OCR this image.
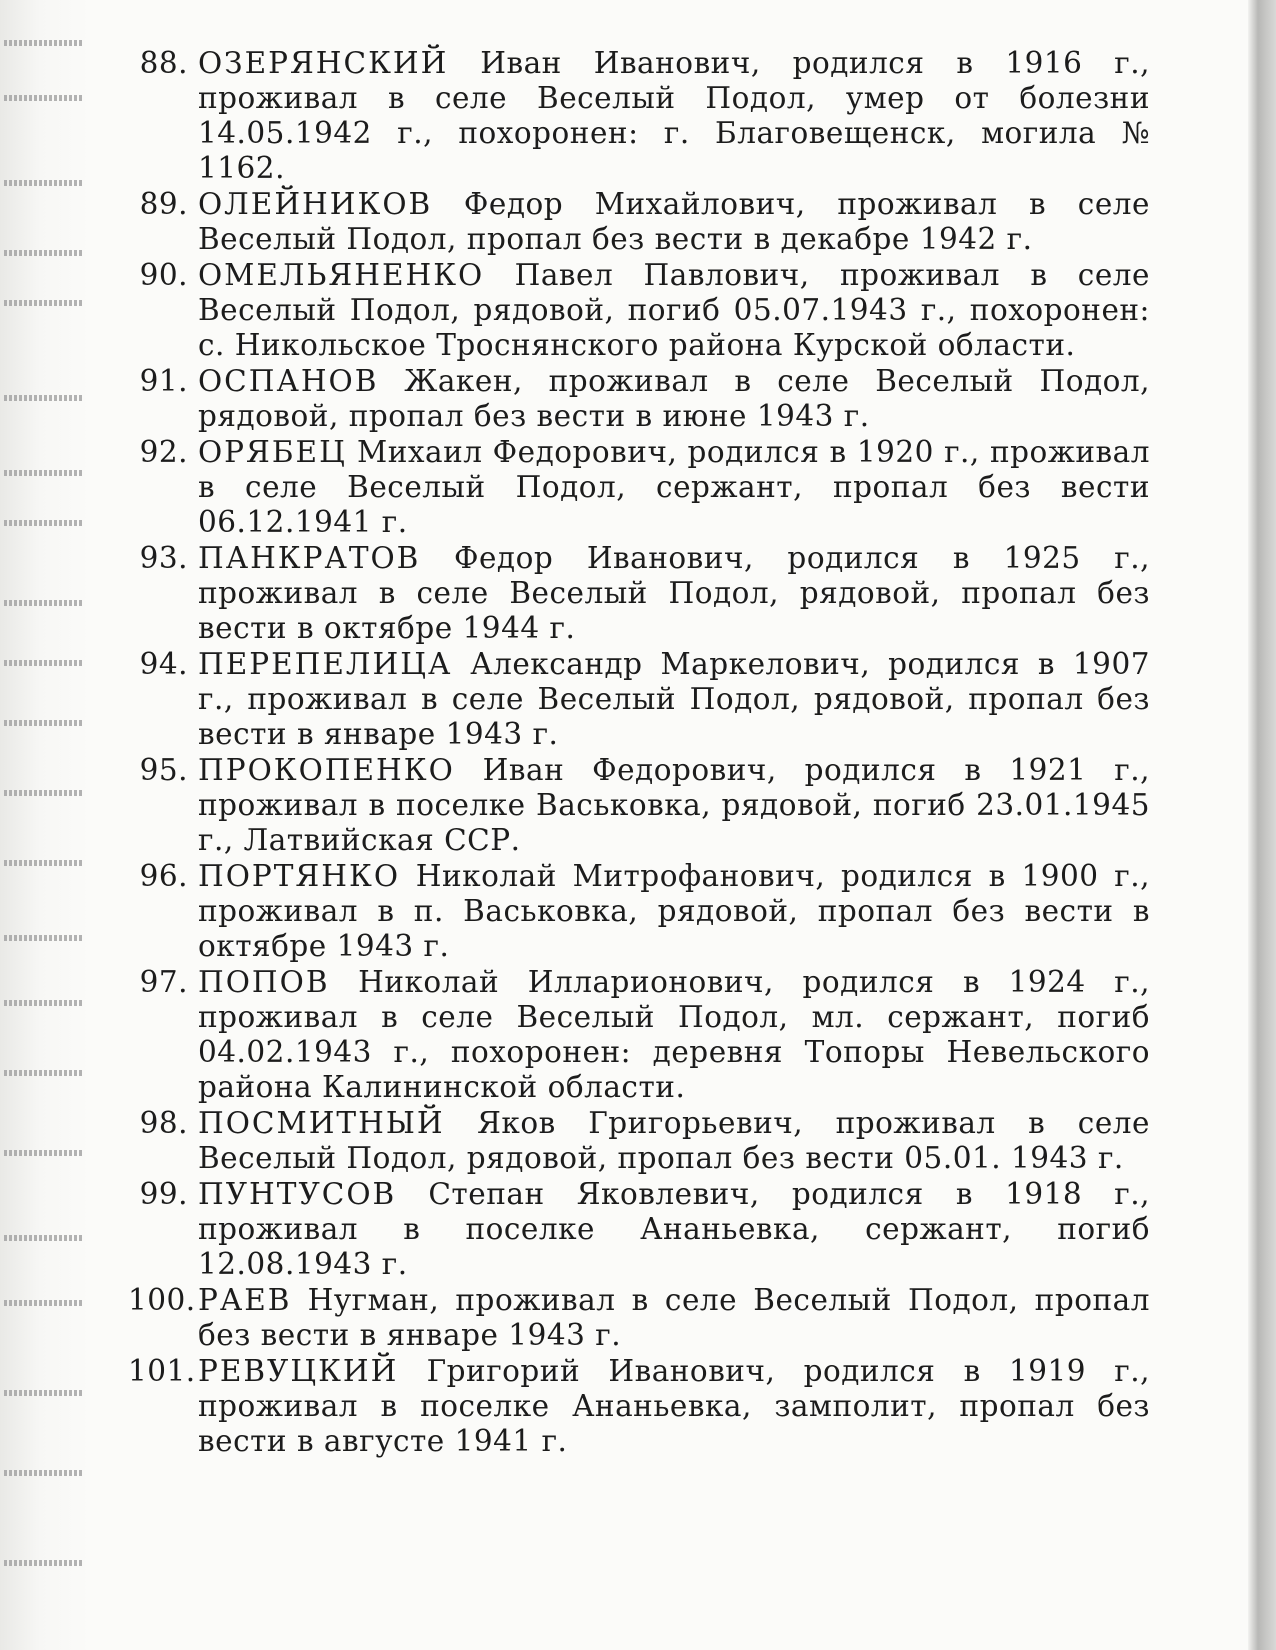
88. ОЗЕРЯНСКИЙ Иван Иванович, родился в 1916 г., проживал в селе Веселый Подол, умер от болезни 14.05.1942 г., похоронен: г. Благовещенск, могила № 1162.
89. ОЛЕЙНИКОВ Федор Михайлович, проживал в селе Веселый Подол, пропал без вести в декабре 1942 г.
90. ОМЕЛЬЯНЕНКО Павел Павлович, проживал в селе Веселый Подол, рядовой, погиб 05.07.1943 г., похоронен: с. Никольское Троснянского района Курской области.
91. ОСПАНОВ Жакен, проживал в селе Веселый Подол, рядовой, пропал без вести в июне 1943 г.
92. ОРЯБЕЦ Михаил Федорович, родился в 1920 г., проживал в селе Веселый Подол, сержант, пропал без вести 06.12.1941 г.
93. ПАНКРАТОВ Федор Иванович, родился в 1925 г., проживал в селе Веселый Подол, рядовой, пропал без вести в октябре 1944 г.
94. ПЕРЕПЕЛИЦА Александр Маркелович, родился в 1907 г., проживал в селе Веселый Подол, рядовой, пропал без вести в январе 1943 г.
95. ПРОКОПЕНКО Иван Федорович, родился в 1921 г., проживал в поселке Васьковка, рядовой, погиб 23.01.1945 г., Латвийская ССР.
96. ПОРТЯНКО Николай Митрофанович, родился в 1900 г., проживал в п. Васьковка, рядовой, пропал без вести в октябре 1943 г.
97. ПОПОВ Николай Илларионович, родился в 1924 г., проживал в селе Веселый Подол, мл. сержант, погиб 04.02.1943 г., похоронен: деревня Топоры Невельского района Калининской области.
98. ПОСМИТНЫЙ Яков Григорьевич, проживал в селе Веселый Подол, рядовой, пропал без вести 05.01. 1943 г.
99. ПУНТУСОВ Степан Яковлевич, родился в 1918 г., проживал в поселке Ананьевка, сержант, погиб 12.08.1943 г.
100. РАЕВ Нугман, проживал в селе Веселый Подол, пропал без вести в январе 1943 г.
101. РЕВУЦКИЙ Григорий Иванович, родился в 1919 г., проживал в поселке Ананьевка, замполит, пропал без вести в августе 1941 г.
